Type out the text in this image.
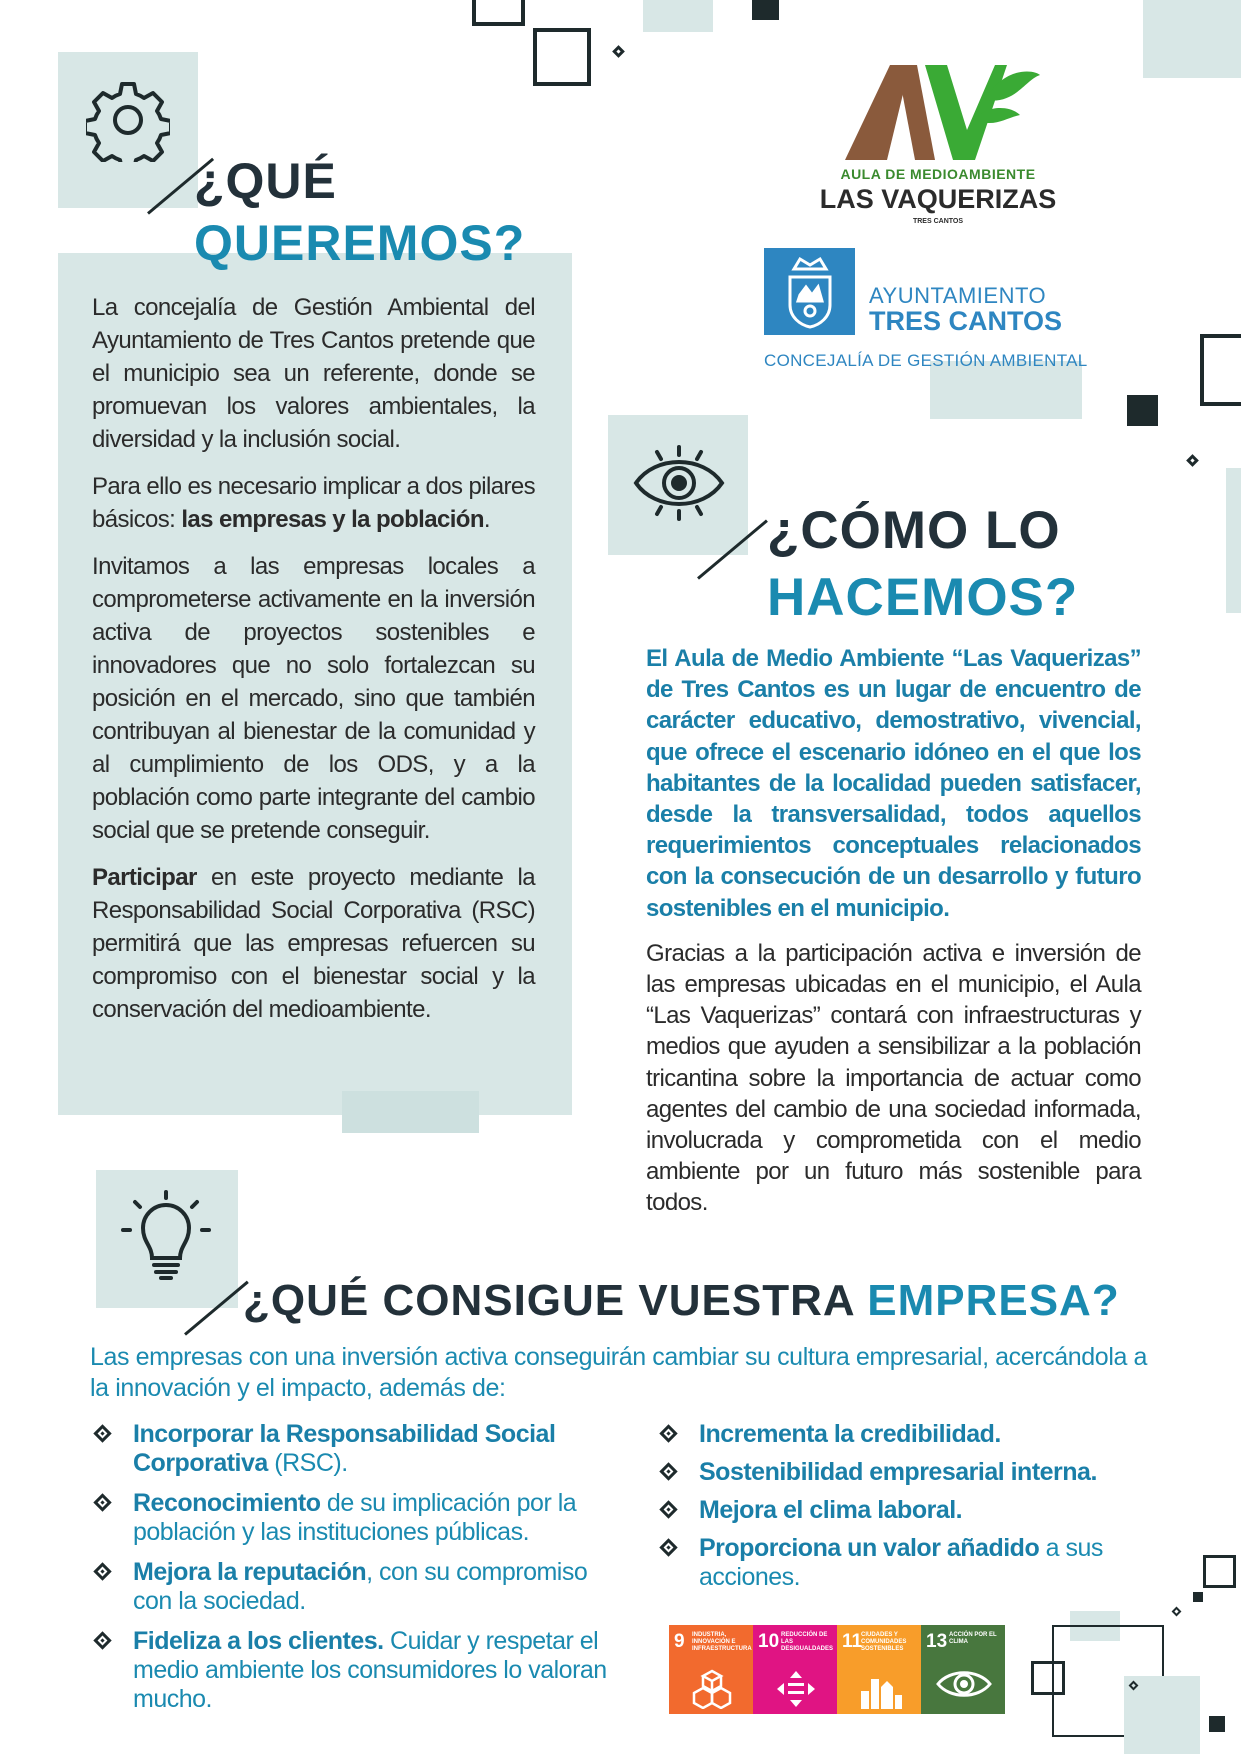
¿QUÉ
QUEREMOS?

La concejalía de Gestión Ambiental del Ayuntamiento de Tres Cantos pretende que el municipio sea un referente, donde se promuevan los valores ambientales, la diversidad y la inclusión social.

Para ello es necesario implicar a dos pilares básicos: las empresas y la población.

Invitamos a las empresas locales a comprometerse activamente en la inversión activa de proyectos sostenibles e innovadores que no solo fortalezcan su posición en el mercado, sino que también contribuyan al bienestar de la comunidad y al cumplimiento de los ODS, y a la población como parte integrante del cambio social que se pretende conseguir.

Participar en este proyecto mediante la Responsabilidad Social Corporativa (RSC) permitirá que las empresas refuercen su compromiso con el bienestar social y la conservación del medioambiente.

AULA DE MEDIOAMBIENTE
LAS VAQUERIZAS
TRES CANTOS
AYUNTAMIENTO
TRES CANTOS
CONCEJALÍA DE GESTIÓN AMBIENTAL
¿CÓMO LO
HACEMOS?

El Aula de Medio Ambiente “Las Vaquerizas” de Tres Cantos es un lugar de encuentro de carácter educativo, demostrativo, vivencial, que ofrece el escenario idóneo en el que los habitantes de la localidad pueden satisfacer, desde la transversalidad, todos aquellos requerimientos conceptuales relacionados con la consecución de un desarrollo y futuro sostenibles en el municipio.

Gracias a la participación activa e inversión de las empresas ubicadas en el municipio, el Aula “Las Vaquerizas” contará con infraestructuras y medios que ayuden a sensibilizar a la población tricantina sobre la importancia de actuar como agentes del cambio de una sociedad informada, involucrada y comprometida con el medio ambiente por un futuro más sostenible para todos.

¿QUÉ CONSIGUE VUESTRA EMPRESA?
Las empresas con una inversión activa conseguirán cambiar su cultura empresarial, acercándola a la innovación y el impacto, además de:
Incorporar la Responsabilidad Social Corporativa (RSC).
Reconocimiento de su implicación por la población y las instituciones públicas.
Mejora la reputación, con su compromiso con la sociedad.
Fideliza a los clientes. Cuidar y respetar el medio ambiente los consumidores lo valoran mucho.
Incrementa la credibilidad.
Sostenibilidad empresarial interna.
Mejora el clima laboral.
Proporciona un valor añadido a sus acciones.
9 INDUSTRIA, INNOVACIÓN E INFRAESTRUCTURA 10 REDUCCIÓN DE LAS DESIGUALDADES 11
CIUDADES Y COMUNIDADES SOSTENIBLES	13 ACCIÓN POR EL CLIMA
